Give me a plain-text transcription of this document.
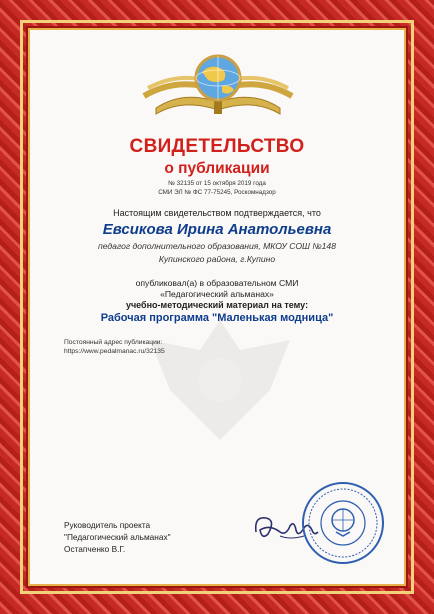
СВИДЕТЕЛЬСТВО
о публикации
№ 32135 от 15 октября 2019 года
СМИ ЭЛ № ФС 77-75245, Роскомнадзор
Настоящим свидетельством подтверждается, что
Евсикова Ирина Анатольевна
педагог дополнительного образования, МКОУ СОШ №148 Купинского района, г.Купино
опубликовал(а) в образовательном СМИ
«Педагогический альманах»
учебно-методический материал на тему:
Рабочая программа "Маленькая модница"
Постоянный адрес публикации:
https://www.pedalmanac.ru/32135
Руководитель проекта
"Педагогический альманах"
Остапченко В.Г.
